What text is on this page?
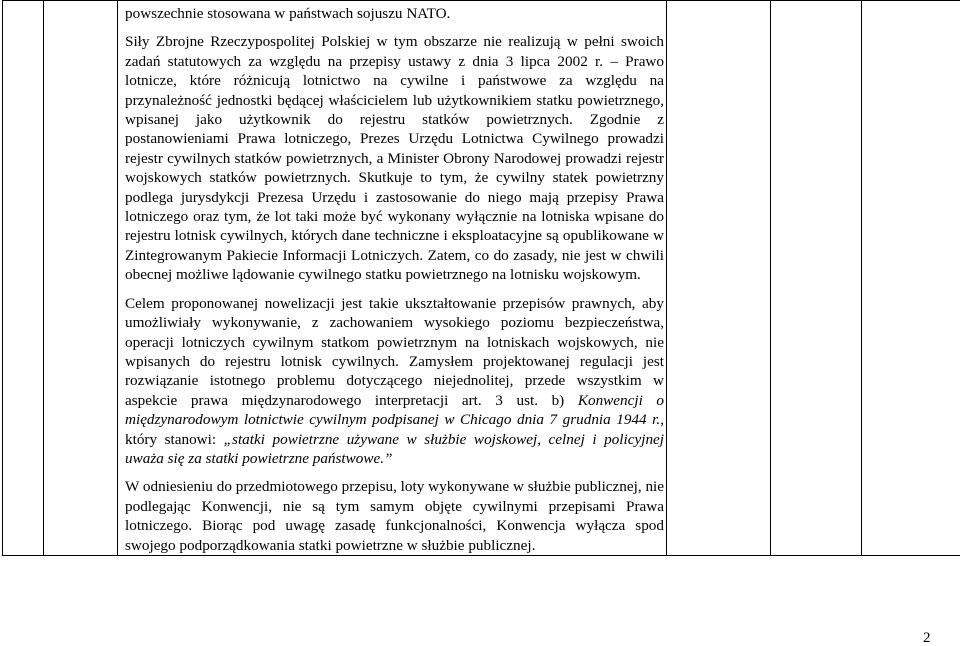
powszechnie stosowana w państwach sojuszu NATO.

Siły Zbrojne Rzeczypospolitej Polskiej w tym obszarze nie realizują w pełni swoich zadań statutowych za względu na przepisy ustawy z dnia 3 lipca 2002 r. – Prawo lotnicze, które różnicują lotnictwo na cywilne i państwowe za względu na przynależność jednostki będącej właścicielem lub użytkownikiem statku powietrznego, wpisanej jako użytkownik do rejestru statków powietrznych. Zgodnie z postanowieniami Prawa lotniczego, Prezes Urzędu Lotnictwa Cywilnego prowadzi rejestr cywilnych statków powietrznych, a Minister Obrony Narodowej prowadzi rejestr wojskowych statków powietrznych. Skutkuje to tym, że cywilny statek powietrzny podlega jurysdykcji Prezesa Urzędu i zastosowanie do niego mają przepisy Prawa lotniczego oraz tym, że lot taki może być wykonany wyłącznie na lotniska wpisane do rejestru lotnisk cywilnych, których dane techniczne i eksploatacyjne są opublikowane w Zintegrowanym Pakiecie Informacji Lotniczych. Zatem, co do zasady, nie jest w chwili obecnej możliwe lądowanie cywilnego statku powietrznego na lotnisku wojskowym.

Celem proponowanej nowelizacji jest takie ukształtowanie przepisów prawnych, aby umożliwiały wykonywanie, z zachowaniem wysokiego poziomu bezpieczeństwa, operacji lotniczych cywilnym statkom powietrznym na lotniskach wojskowych, nie wpisanych do rejestru lotnisk cywilnych. Zamysłem projektowanej regulacji jest rozwiązanie istotnego problemu dotyczącego niejednolitej, przede wszystkim w aspekcie prawa międzynarodowego interpretacji art. 3 ust. b) Konwencji o międzynarodowym lotnictwie cywilnym podpisanej w Chicago dnia 7 grudnia 1944 r., który stanowi: „statki powietrzne używane w służbie wojskowej, celnej i policyjnej uważa się za statki powietrzne państwowe.”

W odniesieniu do przedmiotowego przepisu, loty wykonywane w służbie publicznej, nie podlegając Konwencji, nie są tym samym objęte cywilnymi przepisami Prawa lotniczego. Biorąc pod uwagę zasadę funkcjonalności, Konwencja wyłącza spod swojego podporządkowania statki powietrzne w służbie publicznej.

2
